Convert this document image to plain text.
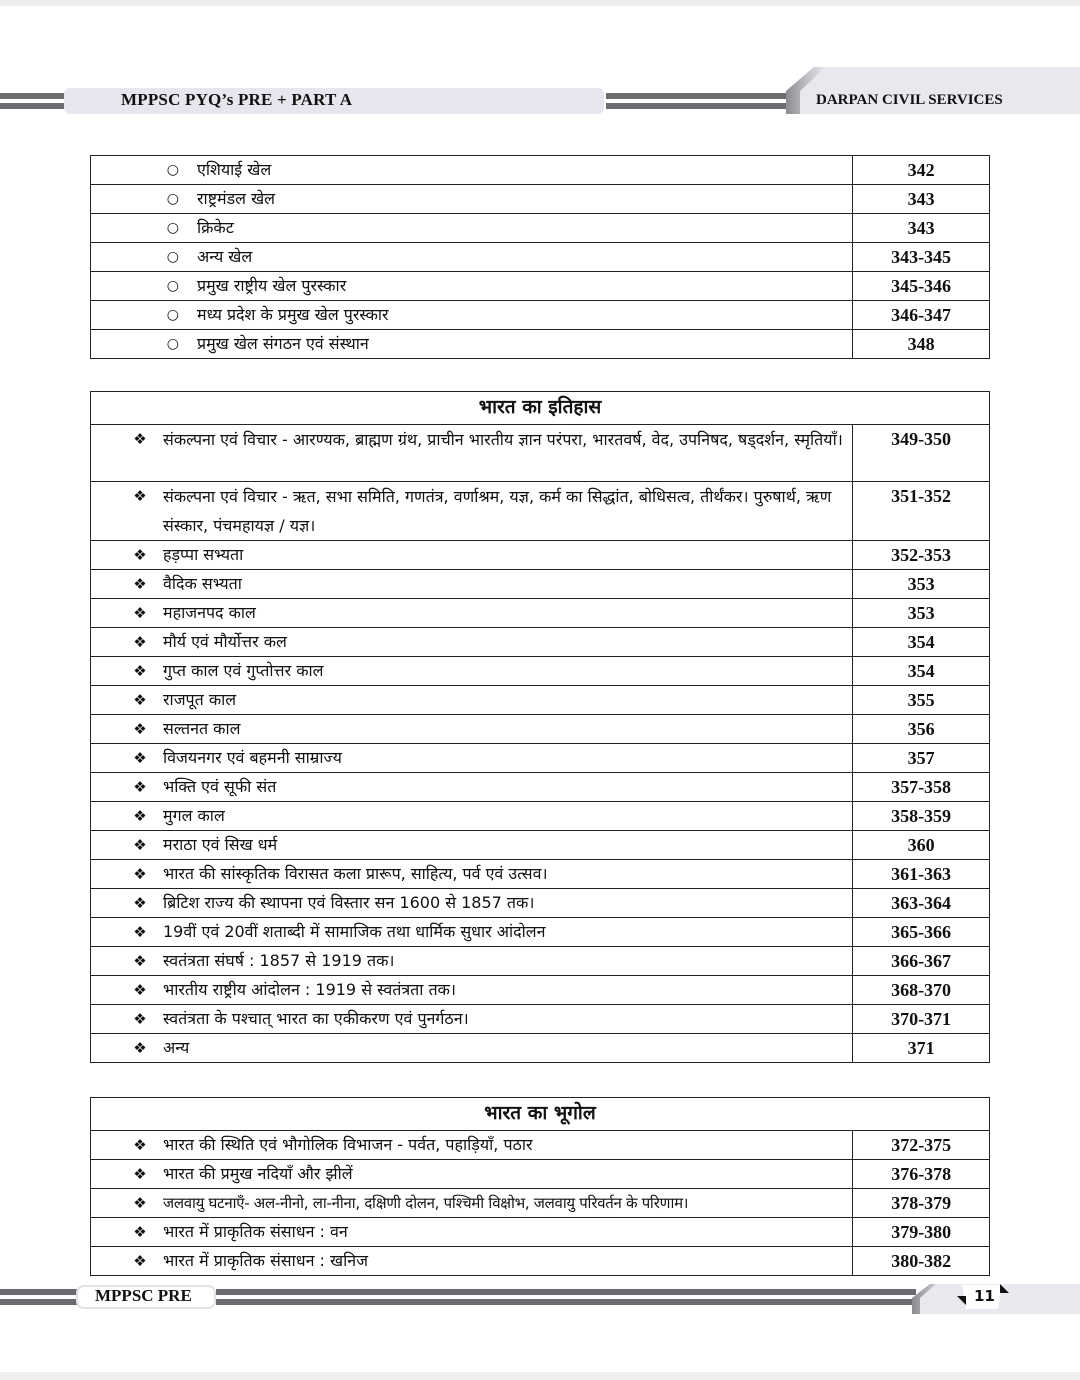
MPPSC PYQ’s PRE + PART A	DARPAN CIVIL SERVICES
○ एशियाई खेल	342

○ राष्ट्रमंडल खेल	343

○ क्रिकेट	343

○ अन्य खेल	343-345

○ प्रमुख राष्ट्रीय खेल पुरस्कार	345-346

○ मध्य प्रदेश के प्रमुख खेल पुरस्कार	346-347

○ प्रमुख खेल संगठन एवं संस्थान	348
भारत का इतिहास	

❖ संकल्पना एवं विचार - आरण्यक, ब्राह्मण ग्रंथ, प्राचीन भारतीय ज्ञान परंपरा, भारतवर्ष, वेद, उपनिषद, षड्दर्शन, स्मृतियाँ।	349-350

❖ संकल्पना एवं विचार - ऋत, सभा समिति, गणतंत्र, वर्णाश्रम, यज्ञ, कर्म का सिद्धांत, बोधिसत्व, तीर्थंकर। पुरुषार्थ, ऋण संस्कार, पंचमहायज्ञ / यज्ञ।	351-352

❖ हड़प्पा सभ्यता	352-353

❖ वैदिक सभ्यता	353

❖ महाजनपद काल	353

❖ मौर्य एवं मौर्योत्तर कल	354

❖ गुप्त काल एवं गुप्तोत्तर काल	354

❖ राजपूत काल	355

❖ सल्तनत काल	356

❖ विजयनगर एवं बहमनी साम्राज्य	357

❖ भक्ति एवं सूफी संत	357-358

❖ मुगल काल	358-359

❖ मराठा एवं सिख धर्म	360

❖ भारत की सांस्कृतिक विरासत कला प्रारूप, साहित्य, पर्व एवं उत्सव।	361-363

❖ ब्रिटिश राज्य की स्थापना एवं विस्तार सन 1600 से 1857 तक।	363-364

❖ 19वीं एवं 20वीं शताब्दी में सामाजिक तथा धार्मिक सुधार आंदोलन	365-366

❖ स्वतंत्रता संघर्ष : 1857 से 1919 तक।	366-367

❖ भारतीय राष्ट्रीय आंदोलन : 1919 से स्वतंत्रता तक।	368-370

❖ स्वतंत्रता के पश्चात् भारत का एकीकरण एवं पुनर्गठन।	370-371

❖ अन्य	371
भारत का भूगोल	

❖ भारत की स्थिति एवं भौगोलिक विभाजन - पर्वत, पहाड़ियाँ, पठार	372-375

❖ भारत की प्रमुख नदियाँ और झीलें	376-378

❖ जलवायु घटनाएँ- अल-नीनो, ला-नीना, दक्षिणी दोलन, पश्चिमी विक्षोभ, जलवायु परिवर्तन के परिणाम।	378-379

❖ भारत में प्राकृतिक संसाधन : वन	379-380

❖ भारत में प्राकृतिक संसाधन : खनिज	380-382
MPPSC PRE	11
